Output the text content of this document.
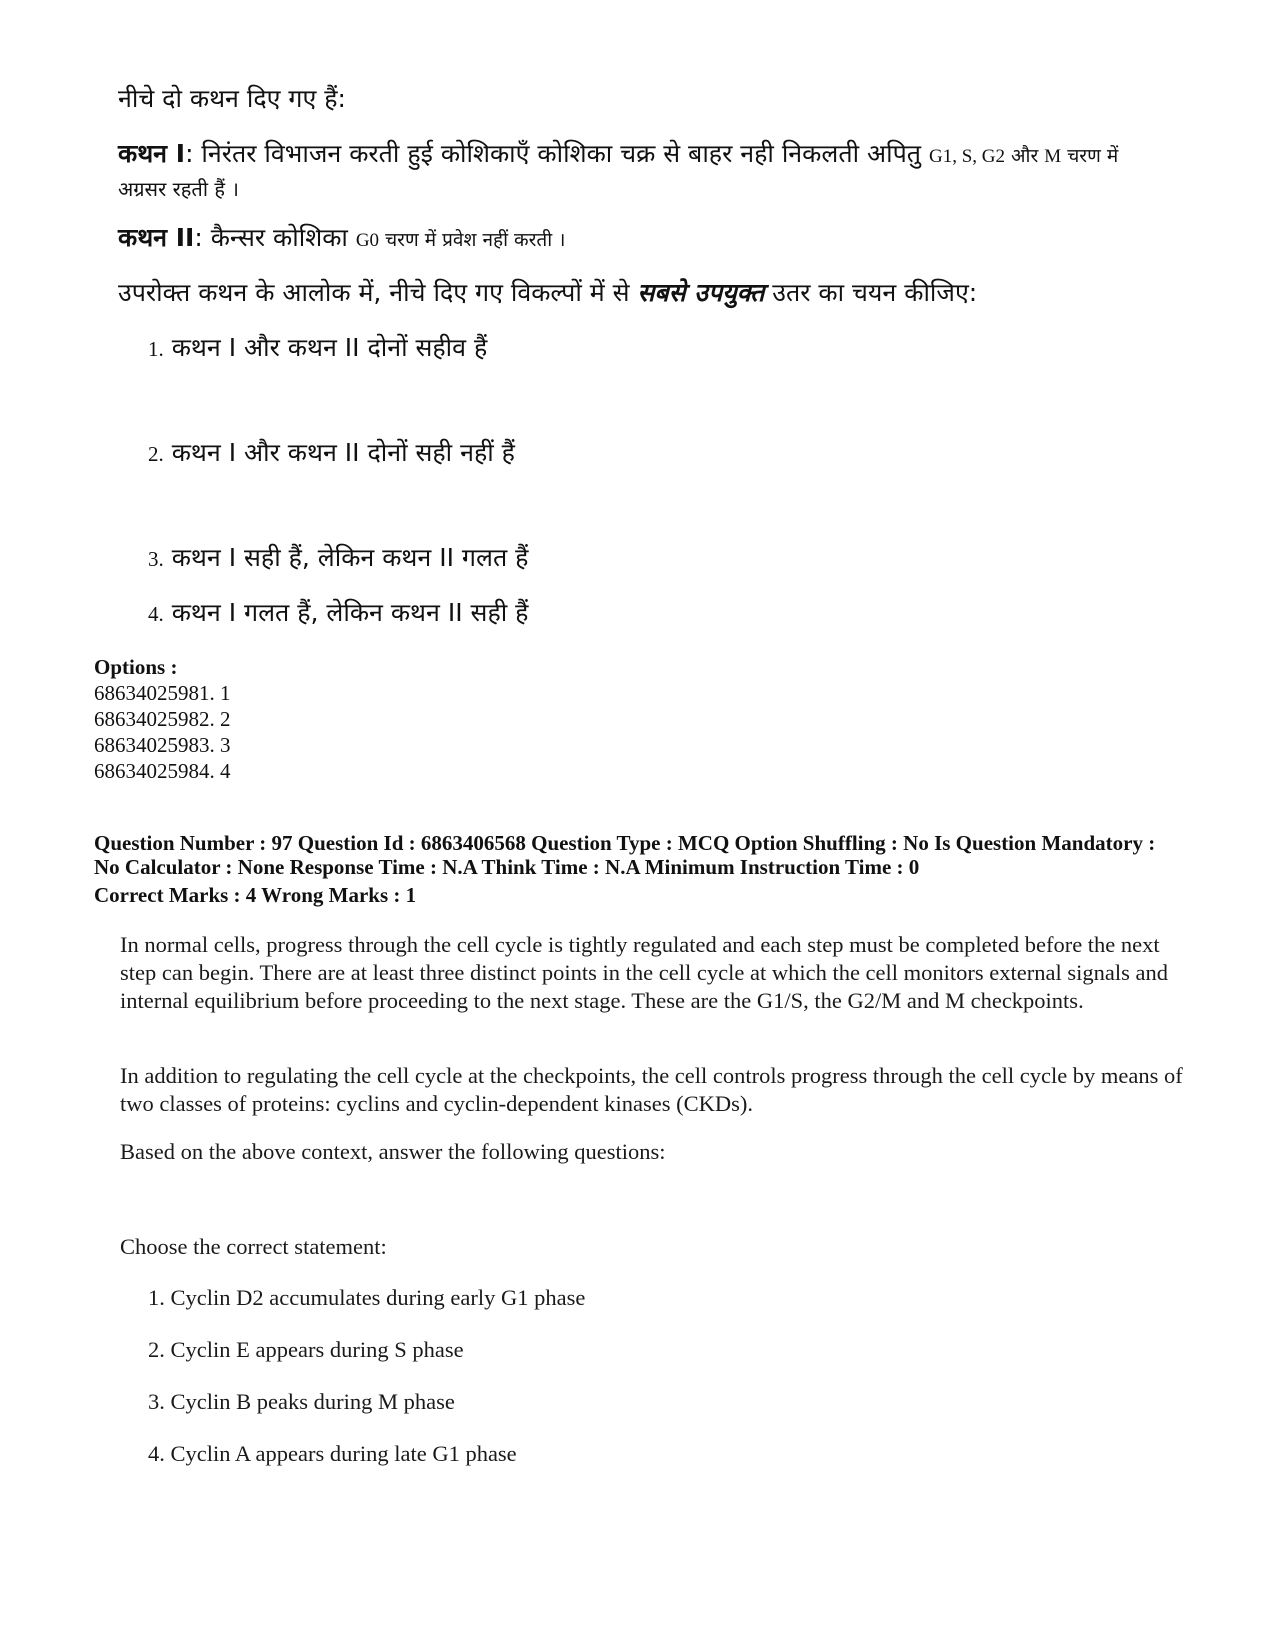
नीचे दो कथन दिए गए हैं:

कथन I: निरंतर विभाजन करती हुई कोशिकाएँ कोशिका चक्र से बाहर नही निकलती अपितु G1, S, G2 और M चरण में

अग्रसर रहती हैं ।

कथन II: कैन्सर कोशिका G0 चरण में प्रवेश नहीं करती ।

उपरोक्त कथन के आलोक में, नीचे दिए गए विकल्पों में से सबसे उपयुक्त उतर का चयन कीजिए:

1. कथन I और कथन II दोनों सहीव हैं
2. कथन I और कथन II दोनों सही नहीं हैं
3. कथन I सही हैं, लेकिन कथन II गलत हैं
4. कथन I गलत हैं, लेकिन कथन II सही हैं
Options :
68634025981. 1
68634025982. 2
68634025983. 3
68634025984. 4
Question Number : 97 Question Id : 6863406568 Question Type : MCQ Option Shuffling : No Is Question Mandatory :
No Calculator : None Response Time : N.A Think Time : N.A Minimum Instruction Time : 0
Correct Marks : 4 Wrong Marks : 1

In normal cells, progress through the cell cycle is tightly regulated and each step must be completed before the next step can begin. There are at least three distinct points in the cell cycle at which the cell monitors external signals and internal equilibrium before proceeding to the next stage. These are the G1/S, the G2/M and M checkpoints.

In addition to regulating the cell cycle at the checkpoints, the cell controls progress through the cell cycle by means of two classes of proteins: cyclins and cyclin-dependent kinases (CKDs).

Based on the above context, answer the following questions:

Choose the correct statement:

1. Cyclin D2 accumulates during early G1 phase
2. Cyclin E appears during S phase
3. Cyclin B peaks during M phase
4. Cyclin A appears during late G1 phase
